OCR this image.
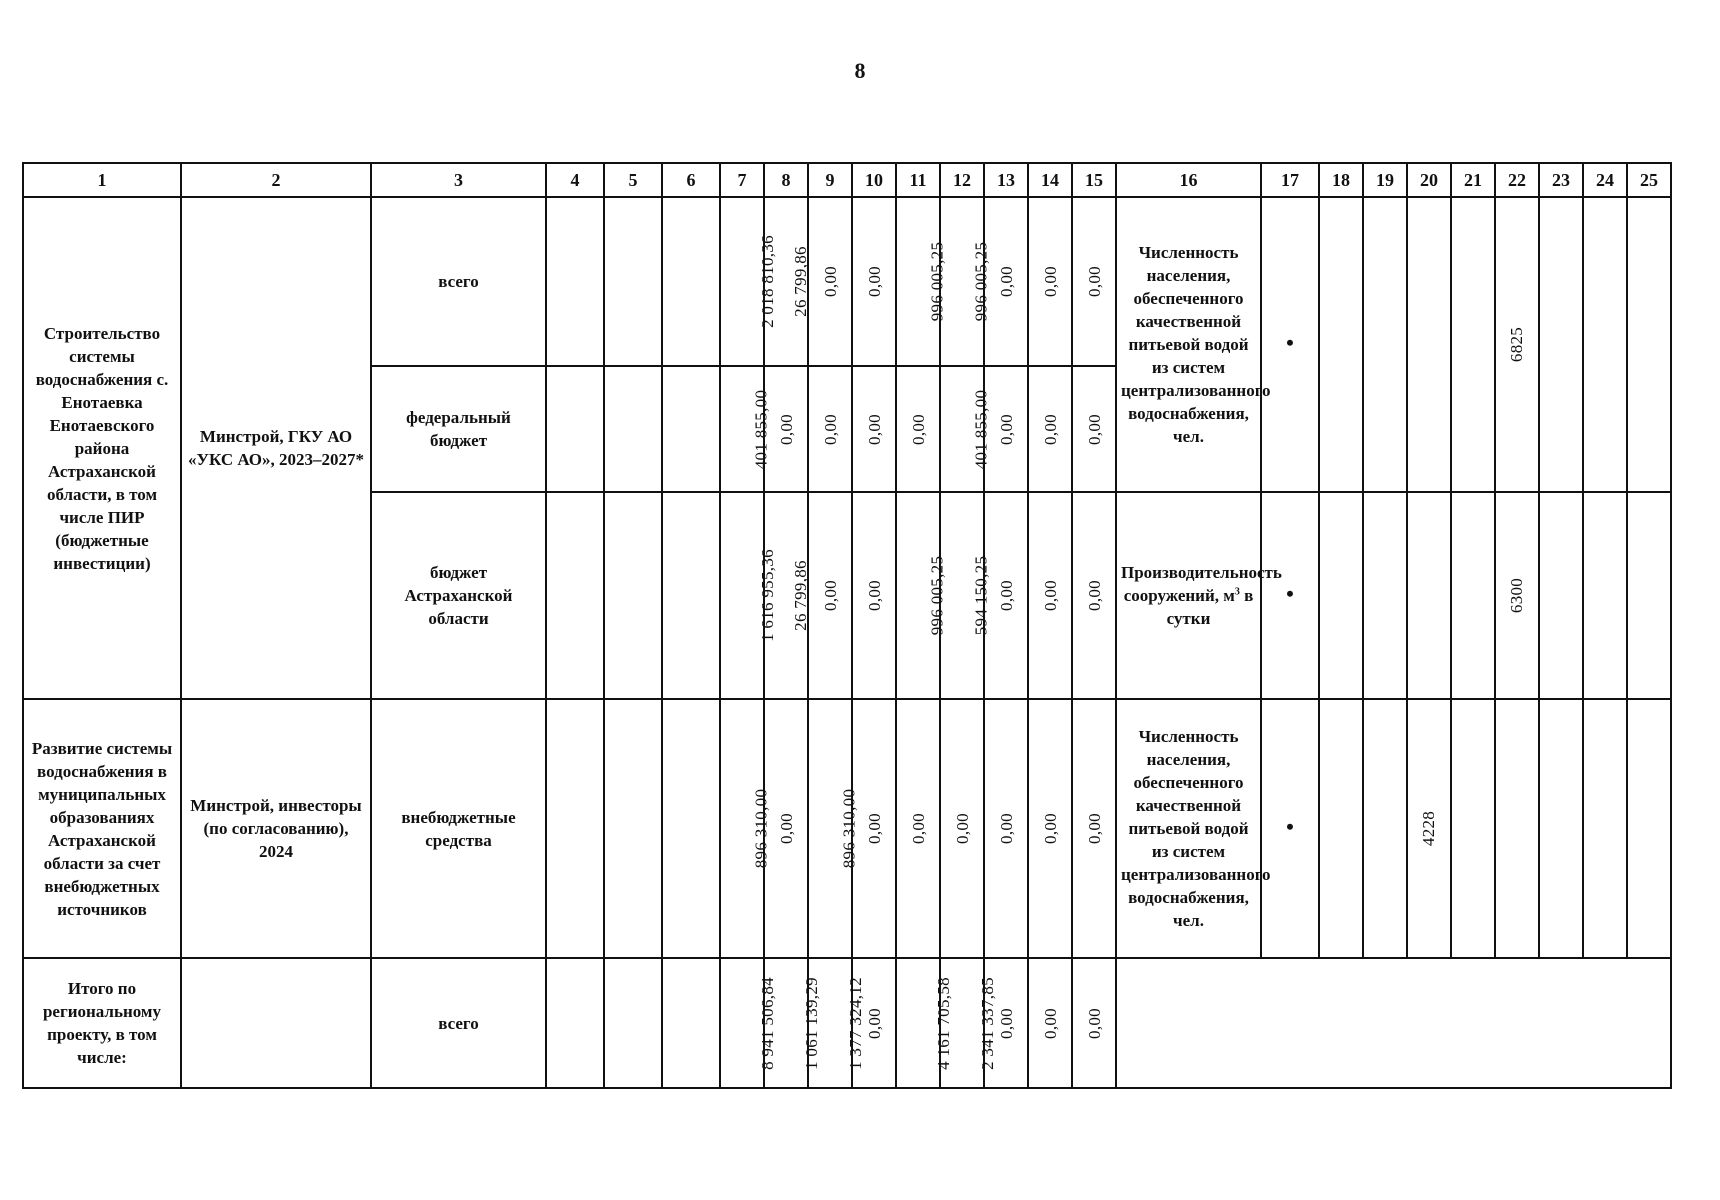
8
1	2	3	4	5	6	7	8	9	10	11	12	13	14	15	16	17	18	19	20	21	22	23	24	25

Строительство системы водоснабжения с. Енотаевка Енотаевского района Астраханской области, в том числе ПИР (бюджетные инвестиции)	Минстрой, ГКУ АО «УКС АО», 2023–2027*	всего				2 018 810,36	26 799,86	0,00	0,00	996 005,25	996 005,25	0,00	0,00	0,00	Численность населения, обеспеченного качественной питьевой водой из систем централизованного водоснабжения, чел.	•					6825			

		федеральный бюджет				401 855,00	0,00	0,00	0,00	0,00	401 855,00	0,00	0,00	0,00										

		бюджет Астраханской области				1 616 955,36	26 799,86	0,00	0,00	996 005,25	594 150,25	0,00	0,00	0,00	Производительность сооружений, $м^3$ в сутки	•					6300			

Развитие системы водоснабжения в муниципальных образованиях Астраханской области за счет внебюджетных источников	Минстрой, инвесторы (по согласованию), 2024	внебюджетные средства				896 310,00	0,00	896 310,00	0,00	0,00	0,00	0,00	0,00	0,00	Численность населения, обеспеченного качественной питьевой водой из систем централизованного водоснабжения, чел.	•			4228					

Итого по региональному проекту, в том числе:		всего				8 941 506,84	1 061 139,29	1 377 324,12	0,00	4 161 705,58	2 341 337,85	0,00	0,00	0,00										
